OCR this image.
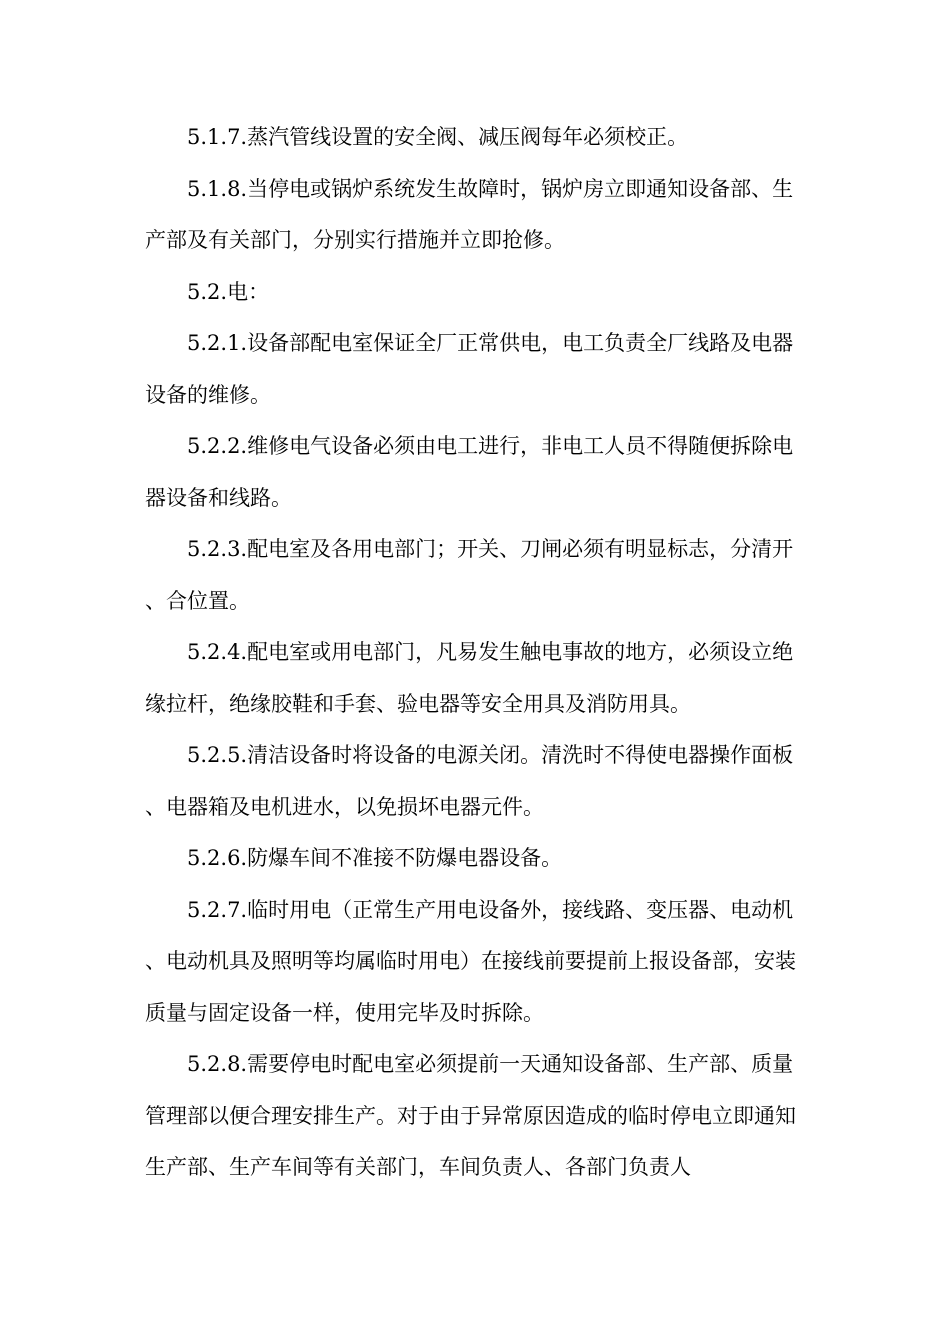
5.1.7.蒸汽管线设置的安全阀、减压阀每年必须校正。

5.1.8.当停电或锅炉系统发生故障时，锅炉房立即通知设备部、生产部及有关部门，分别实行措施并立即抢修。

5.2.电：

5.2.1.设备部配电室保证全厂正常供电，电工负责全厂线路及电器设备的维修。

5.2.2.维修电气设备必须由电工进行，非电工人员不得随便拆除电器设备和线路。

5.2.3.配电室及各用电部门；开关、刀闸必须有明显标志，分清开、合位置。

5.2.4.配电室或用电部门，凡易发生触电事故的地方，必须设立绝缘拉杆，绝缘胶鞋和手套、验电器等安全用具及消防用具。

5.2.5.清洁设备时将设备的电源关闭。清洗时不得使电器操作面板、电器箱及电机进水，以免损坏电器元件。

5.2.6.防爆车间不准接不防爆电器设备。

5.2.7.临时用电（正常生产用电设备外，接线路、变压器、电动机、电动机具及照明等均属临时用电）在接线前要提前上报设备部，安装质量与固定设备一样，使用完毕及时拆除。

5.2.8.需要停电时配电室必须提前一天通知设备部、生产部、质量管理部以便合理安排生产。对于由于异常原因造成的临时停电立即通知生产部、生产车间等有关部门，车间负责人、各部门负责人
